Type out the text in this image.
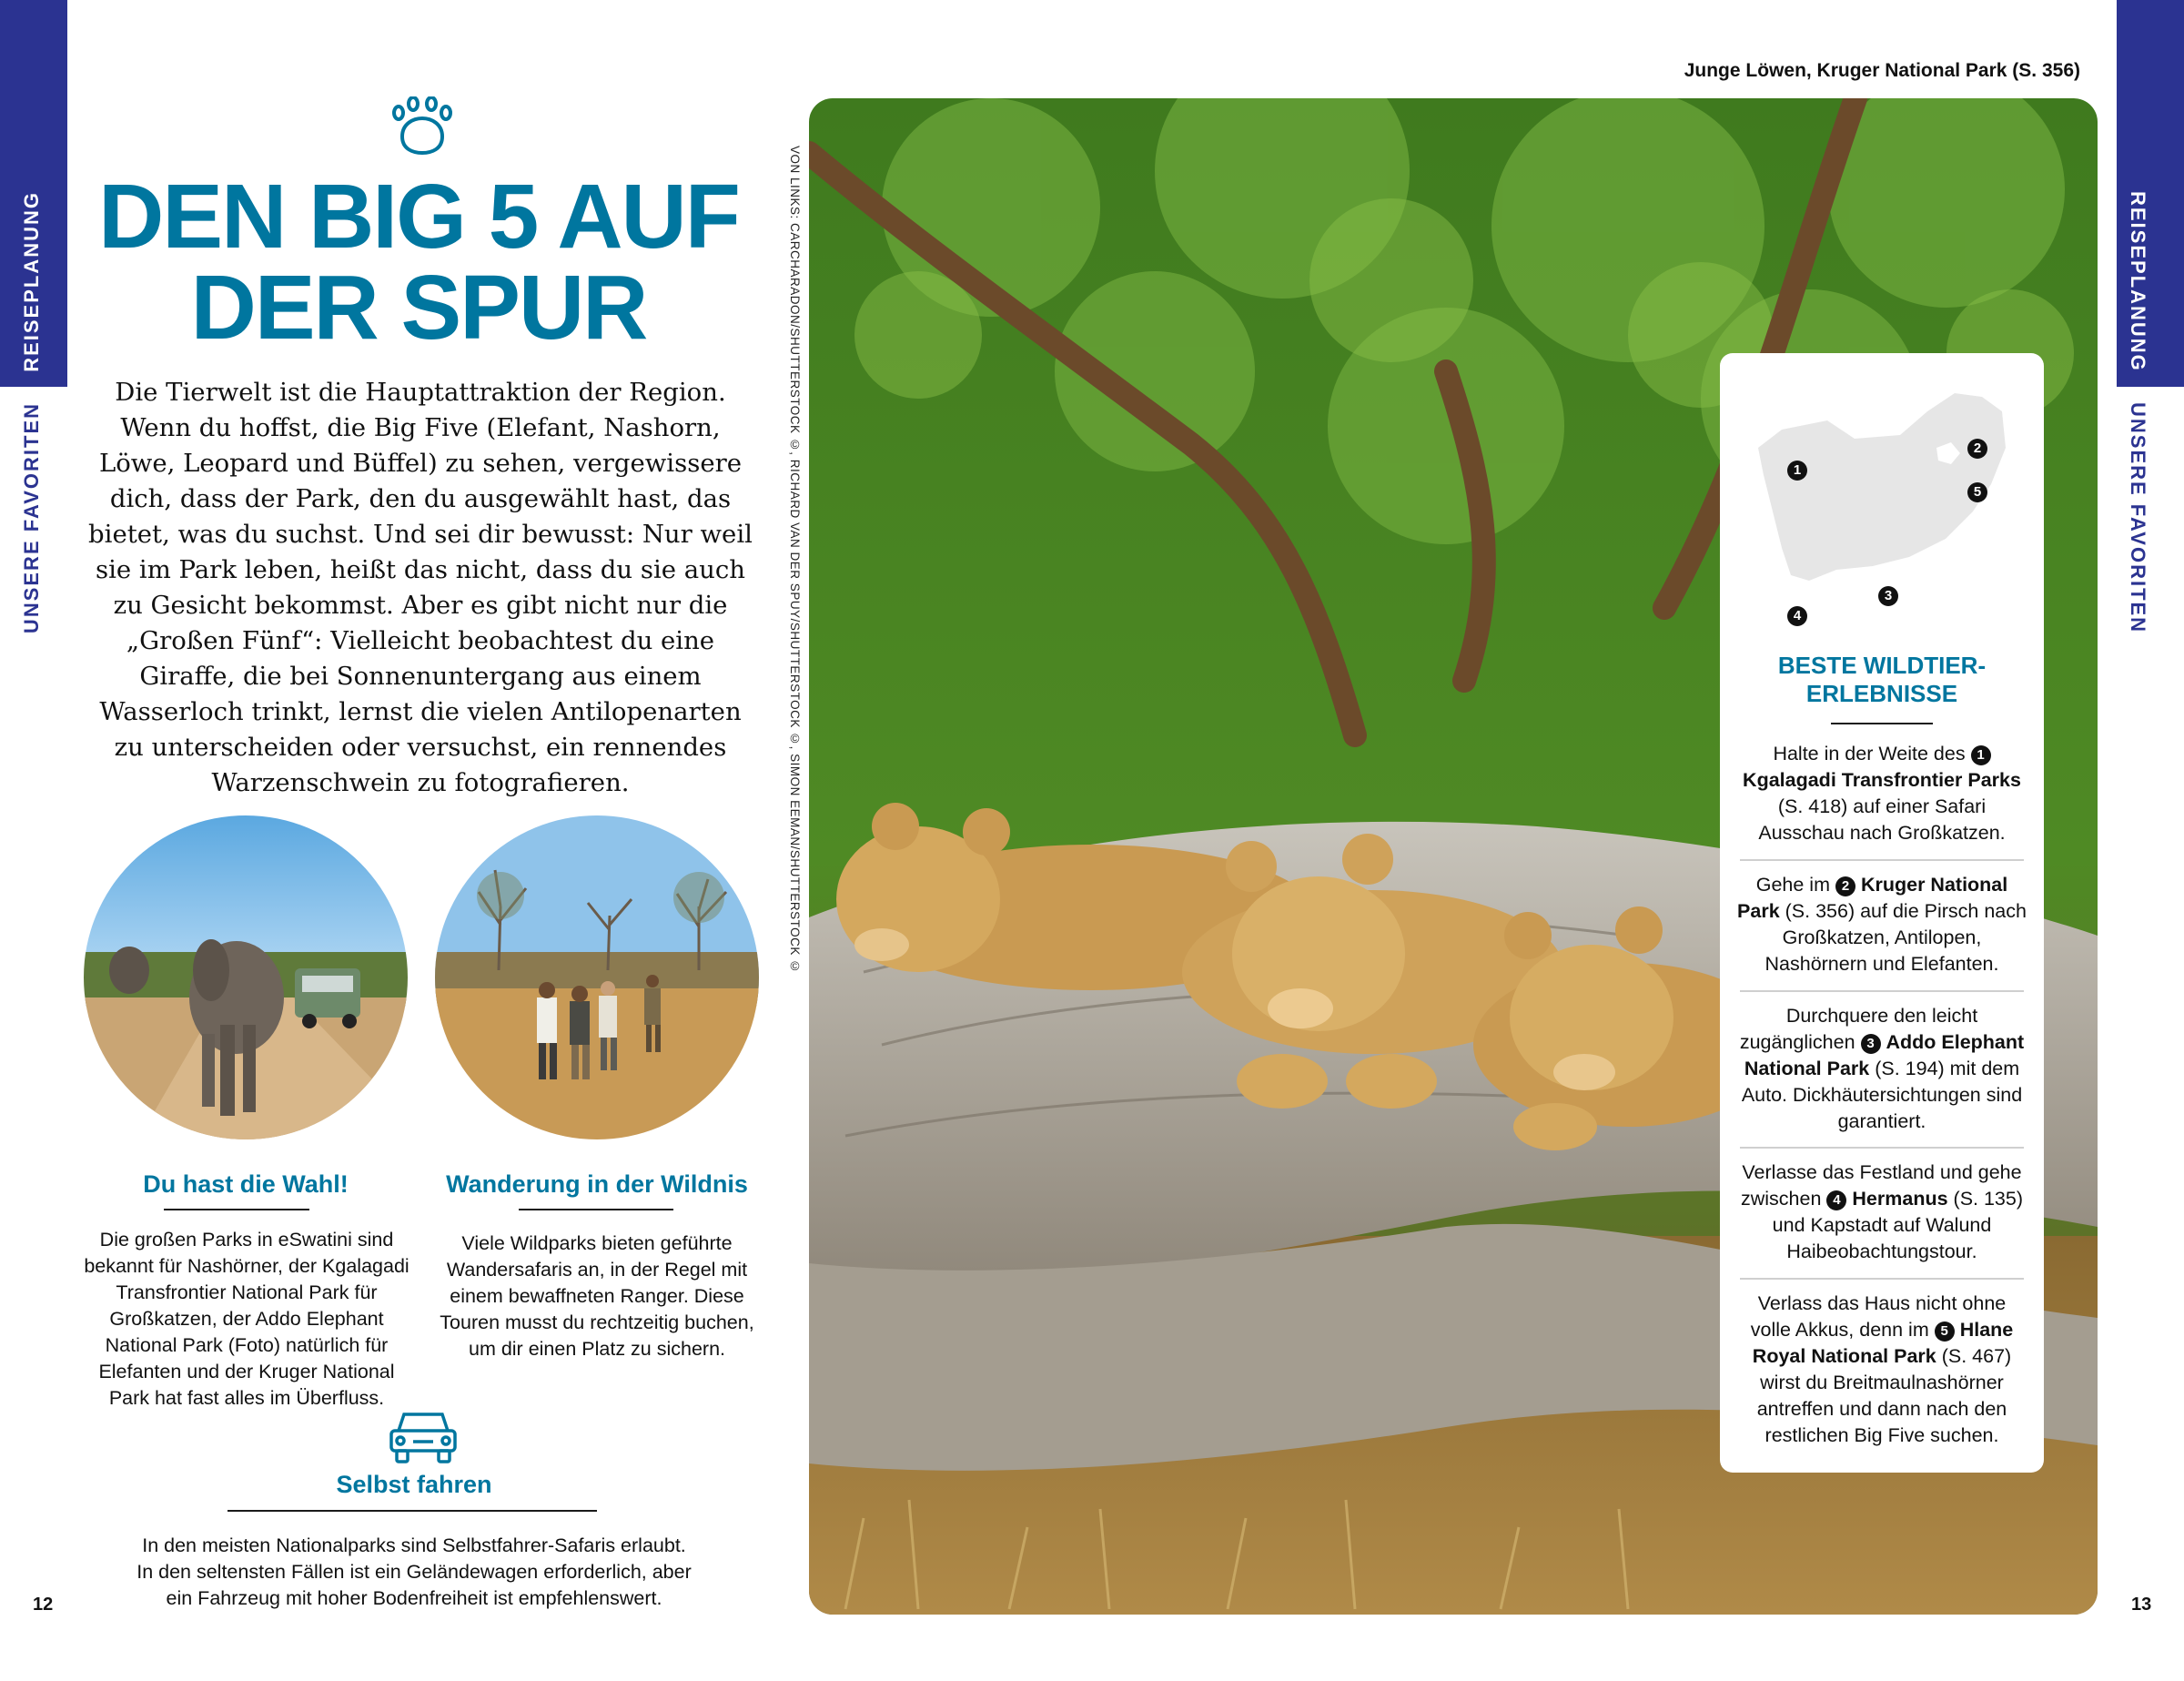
REISEPLANUNG
UNSERE FAVORITEN
REISEPLANUNG
UNSERE FAVORITEN
DEN BIG 5 AUF
DER SPUR
Die Tierwelt ist die Hauptattraktion der Region. Wenn du hoffst, die Big Five (Elefant, Nashorn, Löwe, Leopard und Büffel) zu sehen, vergewissere dich, dass der Park, den du ausgewählt hast, das bietet, was du suchst. Und sei dir bewusst: Nur weil sie im Park leben, heißt das nicht, dass du sie auch zu Gesicht bekommst. Aber es gibt nicht nur die „Großen Fünf“: Vielleicht beobachtest du eine Giraffe, die bei Sonnenuntergang aus einem Wasserloch trinkt, lernst die vielen Antilopenarten zu unterscheiden oder versuchst, ein rennendes Warzenschwein zu fotografieren.
Du hast die Wahl!
Die großen Parks in eSwatini sind bekannt für Nashörner, der Kgalagadi Transfrontier National Park für Großkatzen, der Addo Elephant National Park (Foto) natürlich für Elefanten und der Kruger National Park hat fast alles im Überfluss.
Wanderung in der Wildnis
Viele Wildparks bieten geführte Wandersafaris an, in der Regel mit einem bewaffneten Ranger. Diese Touren musst du rechtzeitig buchen, um dir einen Platz zu sichern.
Selbst fahren
In den meisten Nationalparks sind Selbstfahrer-Safaris erlaubt.
In den seltensten Fällen ist ein Geländewagen erforderlich, aber
ein Fahrzeug mit hoher Bodenfreiheit ist empfehlenswert.
VON LINKS: CARCHARADON/SHUTTERSTOCK ©, RICHARD VAN DER SPUY/SHUTTERSTOCK ©, SIMON EEMAN/SHUTTERSTOCK ©
Junge Löwen, Kruger National Park (S. 356)
1
2
5
3
4
BESTE WILDTIER-
ERLEBNISSE
Halte in der Weite des 1 Kgalagadi Transfrontier Parks (S. 418) auf einer Safari Ausschau nach Großkatzen.
Gehe im 2 Kruger National Park (S. 356) auf die Pirsch nach Großkatzen, Antilopen, Nashörnern und Elefanten.
Durchquere den leicht zugänglichen 3 Addo Elephant National Park (S. 194) mit dem Auto. Dickhäutersichtungen sind garantiert.
Verlasse das Festland und gehe zwischen 4 Hermanus (S. 135) und Kapstadt auf Walund Haibeobachtungstour.
Verlass das Haus nicht ohne volle Akkus, denn im 5 Hlane Royal National Park (S. 467) wirst du Breitmaulnashörner antreffen und dann nach den restlichen Big Five suchen.
12	13
